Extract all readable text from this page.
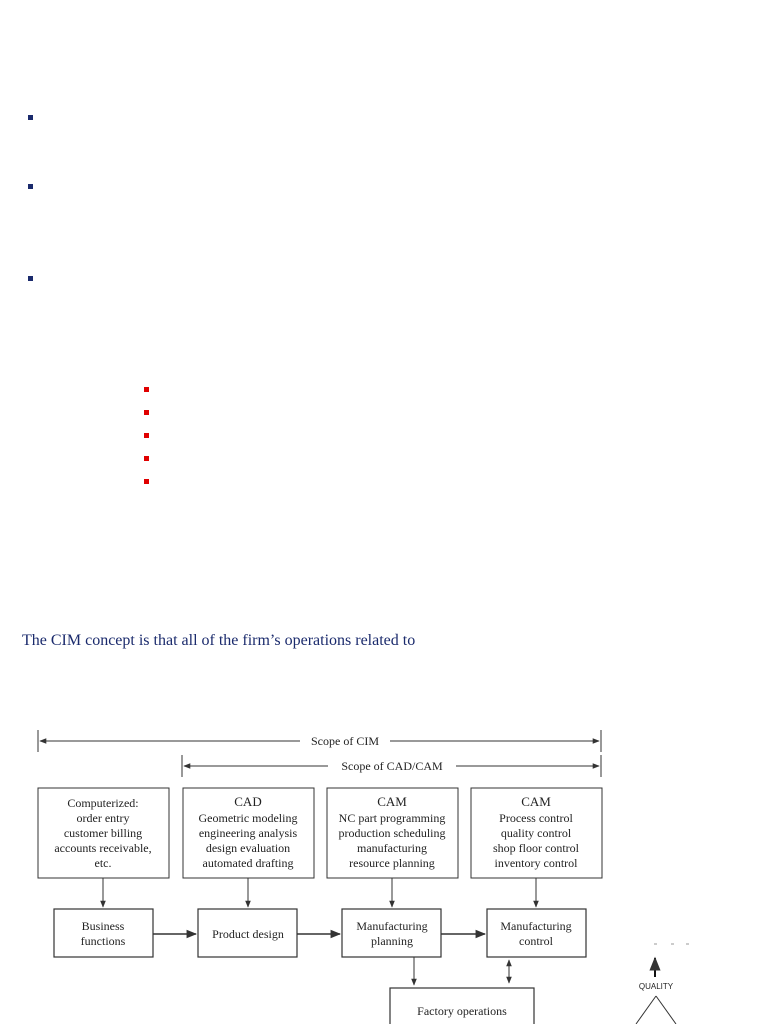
The CIM concept is that all of the firm’s operations related to
Scope of CIM
Scope of CAD/CAM
Computerized:
order entry
customer billing
accounts receivable,
etc.
CAD
Geometric modeling
engineering analysis
design evaluation
automated drafting
CAM
NC part programming
production scheduling
manufacturing
resource planning
CAM
Process control
quality control
shop floor control
inventory control
Business
functions	Product design
Manufacturing
planning
Manufacturing
control
Factory operations
QUALITY
